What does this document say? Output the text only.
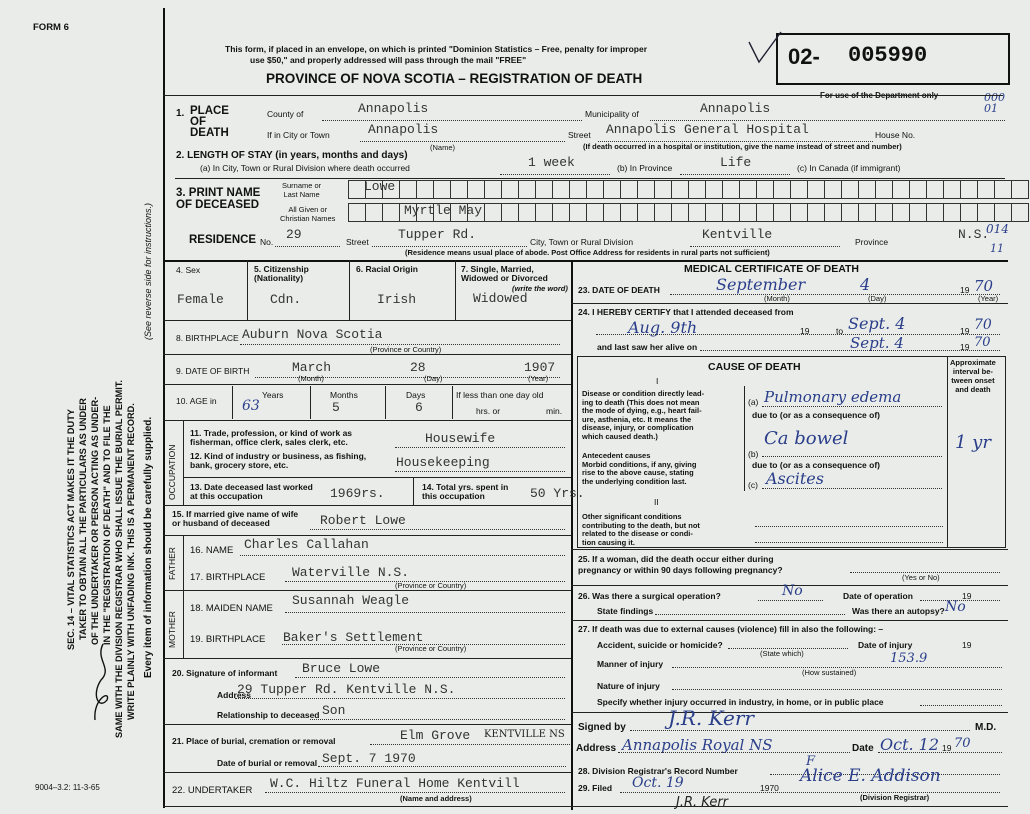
FORM 6
This form, if placed in an envelope, on which is printed "Dominion Statistics – Free, penalty for improper
use $50," and properly addressed will pass through the mail "FREE"
PROVINCE OF NOVA SCOTIA – REGISTRATION OF DEATH
02- 005990
For use of the Department only	000
01
SEC. 14 – VITAL STATISTICS ACT MAKES IT THE DUTY TAKER TO OBTAIN ALL THE PARTICULARS AS UNDER OF THE UNDERTAKER OR PERSON ACTING AS UNDER- IN THE "REGISTRATION OF DEATH" AND TO FILE THE SAME WITH THE DIVISION REGISTRAR WHO SHALL ISSUE THE BURIAL PERMIT. WRITE PLAINLY WITH UNFADING INK. THIS IS A PERMANENT RECORD. Every item of information should be carefully supplied.
(See reverse side for instructions.)
9004–3.2: 11-3-65
1. PLACE
OF
DEATH
County of	Annapolis	Municipality of	Annapolis
If in City or Town	Annapolis
(Name)
Street Annapolis General Hospital	House No.
(If death occurred in a hospital or institution, give the name instead of street and number)
2. LENGTH OF STAY (in years, months and days)
(a) In City, Town or Rural Division where death occurred	1 week	(b) In Province	Life	(c) In Canada (if immigrant)
3. PRINT NAME
OF DECEASED
Surname or
Last Name
Lowe
All Given or
Christian Names
Myrtle May
RESIDENCE No. 29	Street Tupper Rd.	City, Town or Rural Division	Kentville	Province	N.S.
014
11
(Residence means usual place of abode. Post Office Address for residents in rural parts not sufficient)
4. Sex
Female
5. Citizenship
(Nationality)
Cdn.
6. Racial Origin
Irish
7. Single, Married,
Widowed or Divorced
(write the word)
Widowed
8. BIRTHPLACE Auburn Nova Scotia
(Province or Country)
9. DATE OF BIRTH	March	28	1907
(Month)	(Day)	(Year)
10. AGE in
Years
63
Months
5
Days
6
If less than one day old
hrs. or	min.
OCCUPATION
11. Trade, profession, or kind of work as
fisherman, office clerk, sales clerk, etc.	Housewife
12. Kind of industry or business, as fishing,
bank, grocery store, etc.	Housekeeping
13. Date deceased last worked
at this occupation	1969rs.	14. Total yrs. spent in
this occupation	50 Yrs.
15. If married give name of wife
or husband of deceased	Robert Lowe
FATHER 16. NAME Charles Callahan
17. BIRTHPLACE Waterville N.S.
(Province or Country)
MOTHER
18. MAIDEN NAME
Susannah Weagle
19. BIRTHPLACE Baker's Settlement
(Province or Country)
20. Signature of informant Bruce Lowe
Address
29 Tupper Rd. Kentville N.S.
Relationship to deceased Son
21. Place of burial, cremation or removal	Elm Grove KENTVILLE NS
Date of burial or removal Sept. 7 1970
22. UNDERTAKER W.C. Hiltz Funeral Home Kentvill
(Name and address)
MEDICAL CERTIFICATE OF DEATH
23. DATE OF DEATH	September	4	19 70
(Month)	(Day)	(Year)
24. I HEREBY CERTIFY that I attended deceased from
Aug. 9th	19	to Sept. 4	19 70
and last saw her alive on	Sept. 4	19 70
CAUSE OF DEATH	Approximate
interval be-
tween onset
and death
I
Disease or condition directly lead-
ing to death (This does not mean
the mode of dying, e.g., heart fail-
ure, asthenia, etc. It means the
disease, injury, or complication
which caused death.)
(a) Pulmonary edema
due to (or as a consequence of)
Antecedent causes
Morbid conditions, if any, giving
rise to the above cause, stating
the underlying condition last.
(b)
Ca bowel	1 yr
due to (or as a consequence of)
(c) Ascites
II
Other significant conditions
contributing to the death, but not
related to the disease or condi-
tion causing it.
25. If a woman, did the death occur either during
pregnancy or within 90 days following pregnancy?
(Yes or No)
26. Was there a surgical operation?	No	Date of operation	19
State findings	Was there an autopsy? No
27. If death was due to external causes (violence) fill in also the following: –
Accident, suicide or homicide?
(State which)
Date of injury	19
Manner of injury	153.9
(How sustained)
Nature of injury
Specify whether injury occurred in industry, in home, or in public place
Signed by J.R. Kerr	M.D.
Address Annapolis Royal NS	Date Oct. 12 19 70
28. Division Registrar's Record Number
F
29. Filed Oct. 19	1970
Alice E. Addison
(Division Registrar)
J.R. Kerr
